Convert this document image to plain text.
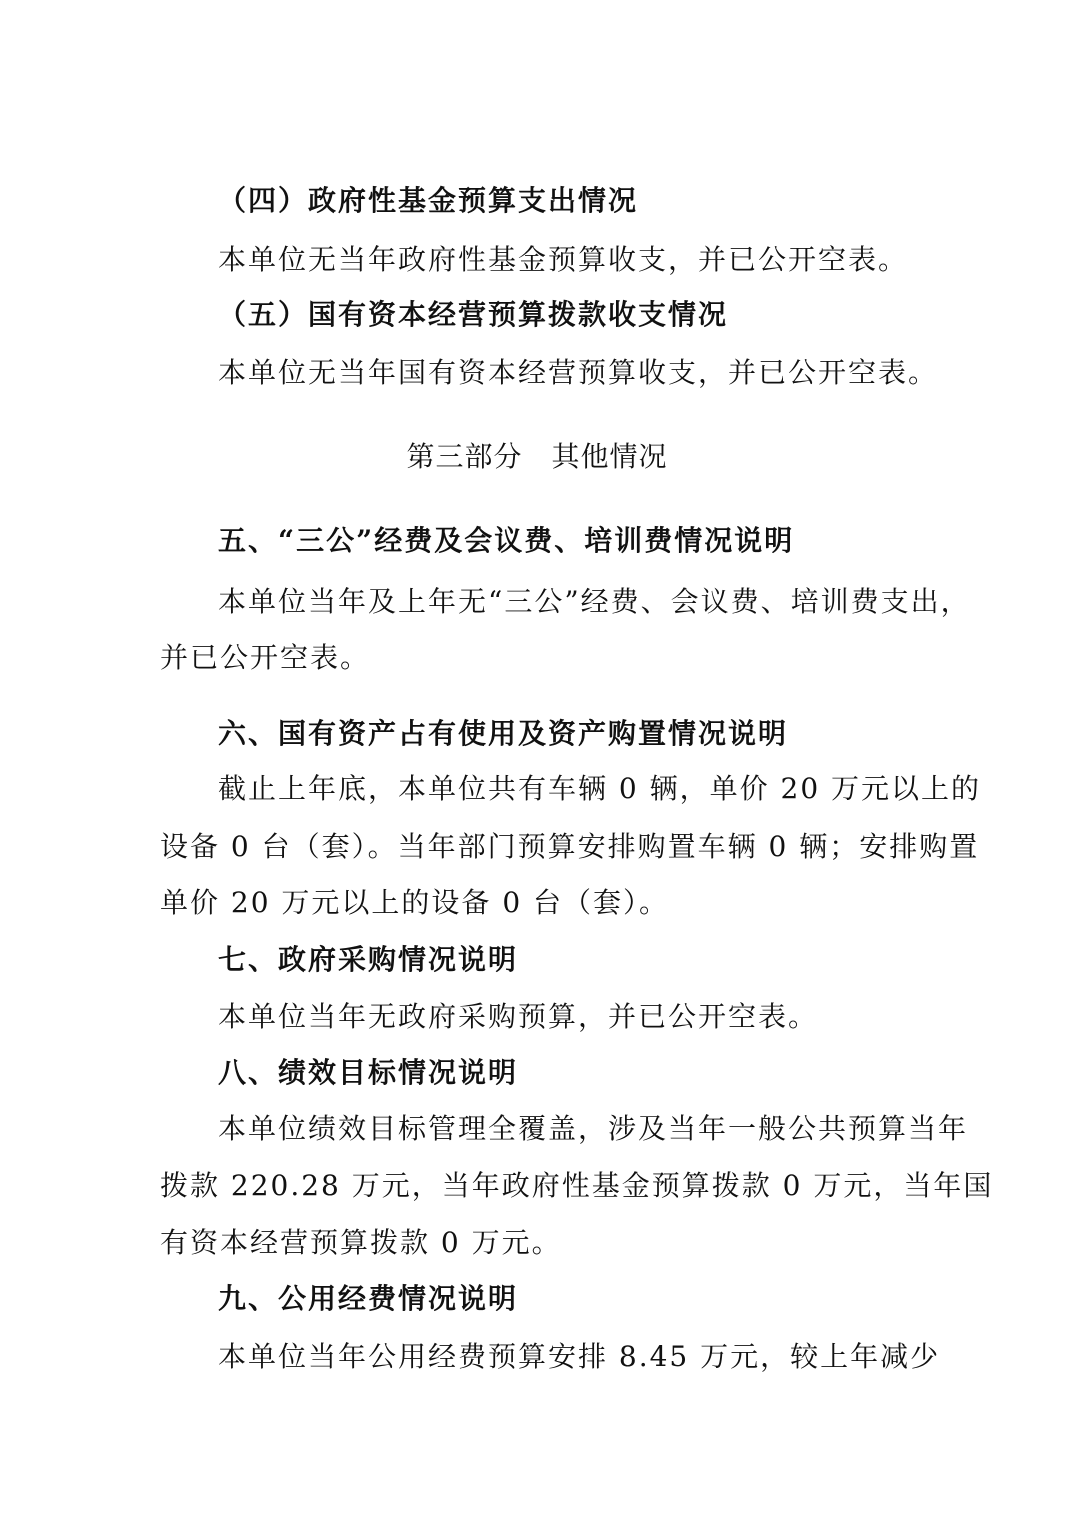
（四）政府性基金预算支出情况
本单位无当年政府性基金预算收支，并已公开空表。
（五）国有资本经营预算拨款收支情况
本单位无当年国有资本经营预算收支，并已公开空表。
第三部分　其他情况
五、“三公”经费及会议费、培训费情况说明
本单位当年及上年无“三公”经费、会议费、培训费支出，
并已公开空表。
六、国有资产占有使用及资产购置情况说明
截止上年底，本单位共有车辆 0 辆，单价 20 万元以上的
设备 0 台（套）。当年部门预算安排购置车辆 0 辆；安排购置
单价 20 万元以上的设备 0 台（套）。
七、政府采购情况说明
本单位当年无政府采购预算，并已公开空表。
八、绩效目标情况说明
本单位绩效目标管理全覆盖，涉及当年一般公共预算当年
拨款 220.28 万元，当年政府性基金预算拨款 0 万元，当年国
有资本经营预算拨款 0 万元。
九、公用经费情况说明
本单位当年公用经费预算安排 8.45 万元，较上年减少
